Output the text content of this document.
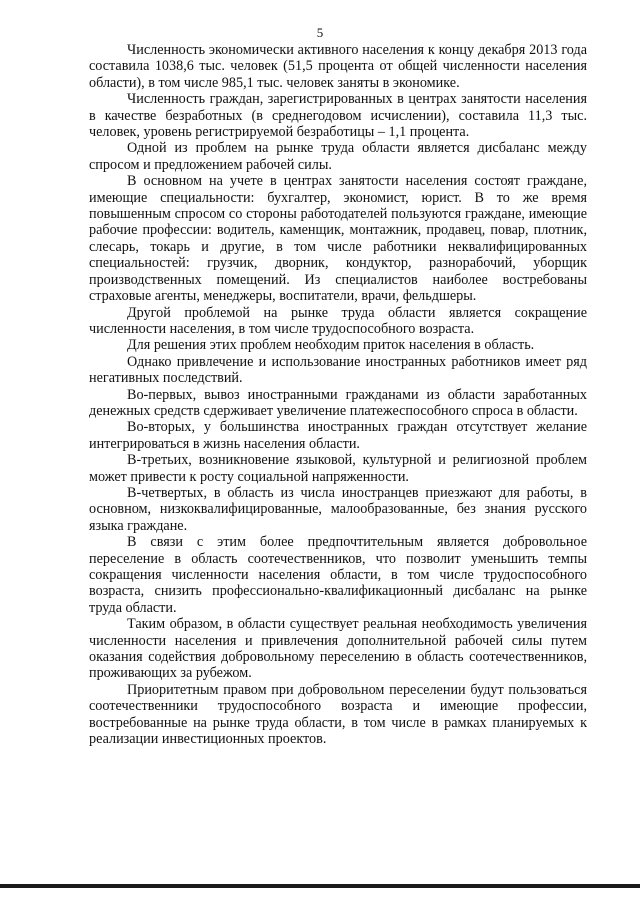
5

Численность экономически активного населения к концу декабря 2013 года составила 1038,6 тыс. человек (51,5 процента от общей численности населения области), в том числе 985,1 тыс. человек заняты в экономике.

Численность граждан, зарегистрированных в центрах занятости населения в качестве безработных (в среднегодовом исчислении), составила 11,3 тыс. человек, уровень регистрируемой безработицы – 1,1 процента.

Одной из проблем на рынке труда области является дисбаланс между спросом и предложением рабочей силы.

В основном на учете в центрах занятости населения состоят граждане, имеющие специальности: бухгалтер, экономист, юрист. В то же время повышенным спросом со стороны работодателей пользуются граждане, имеющие рабочие профессии: водитель, каменщик, монтажник, продавец, повар, плотник, слесарь, токарь и другие, в том числе работники неквалифицированных специальностей: грузчик, дворник, кондуктор, разнорабочий, уборщик производственных помещений. Из специалистов наиболее востребованы страховые агенты, менеджеры, воспитатели, врачи, фельдшеры.

Другой проблемой на рынке труда области является сокращение численности населения, в том числе трудоспособного возраста.

Для решения этих проблем необходим приток населения в область.

Однако привлечение и использование иностранных работников имеет ряд негативных последствий.

Во-первых, вывоз иностранными гражданами из области заработанных денежных средств сдерживает увеличение платежеспособного спроса в области.

Во-вторых, у большинства иностранных граждан отсутствует желание интегрироваться в жизнь населения области.

В-третьих, возникновение языковой, культурной и религиозной проблем может привести к росту социальной напряженности.

В-четвертых, в область из числа иностранцев приезжают для работы, в основном, низкоквалифицированные, малообразованные, без знания русского языка граждане.

В связи с этим более предпочтительным является добровольное переселение в область соотечественников, что позволит уменьшить темпы сокращения численности населения области, в том числе трудоспособного возраста, снизить профессионально-квалификационный дисбаланс на рынке труда области.

Таким образом, в области существует реальная необходимость увеличения численности населения и привлечения дополнительной рабочей силы путем оказания содействия добровольному переселению в область соотечественников, проживающих за рубежом.

Приоритетным правом при добровольном переселении будут пользоваться соотечественники трудоспособного возраста и имеющие профессии, востребованные на рынке труда области, в том числе в рамках планируемых к реализации инвестиционных проектов.
